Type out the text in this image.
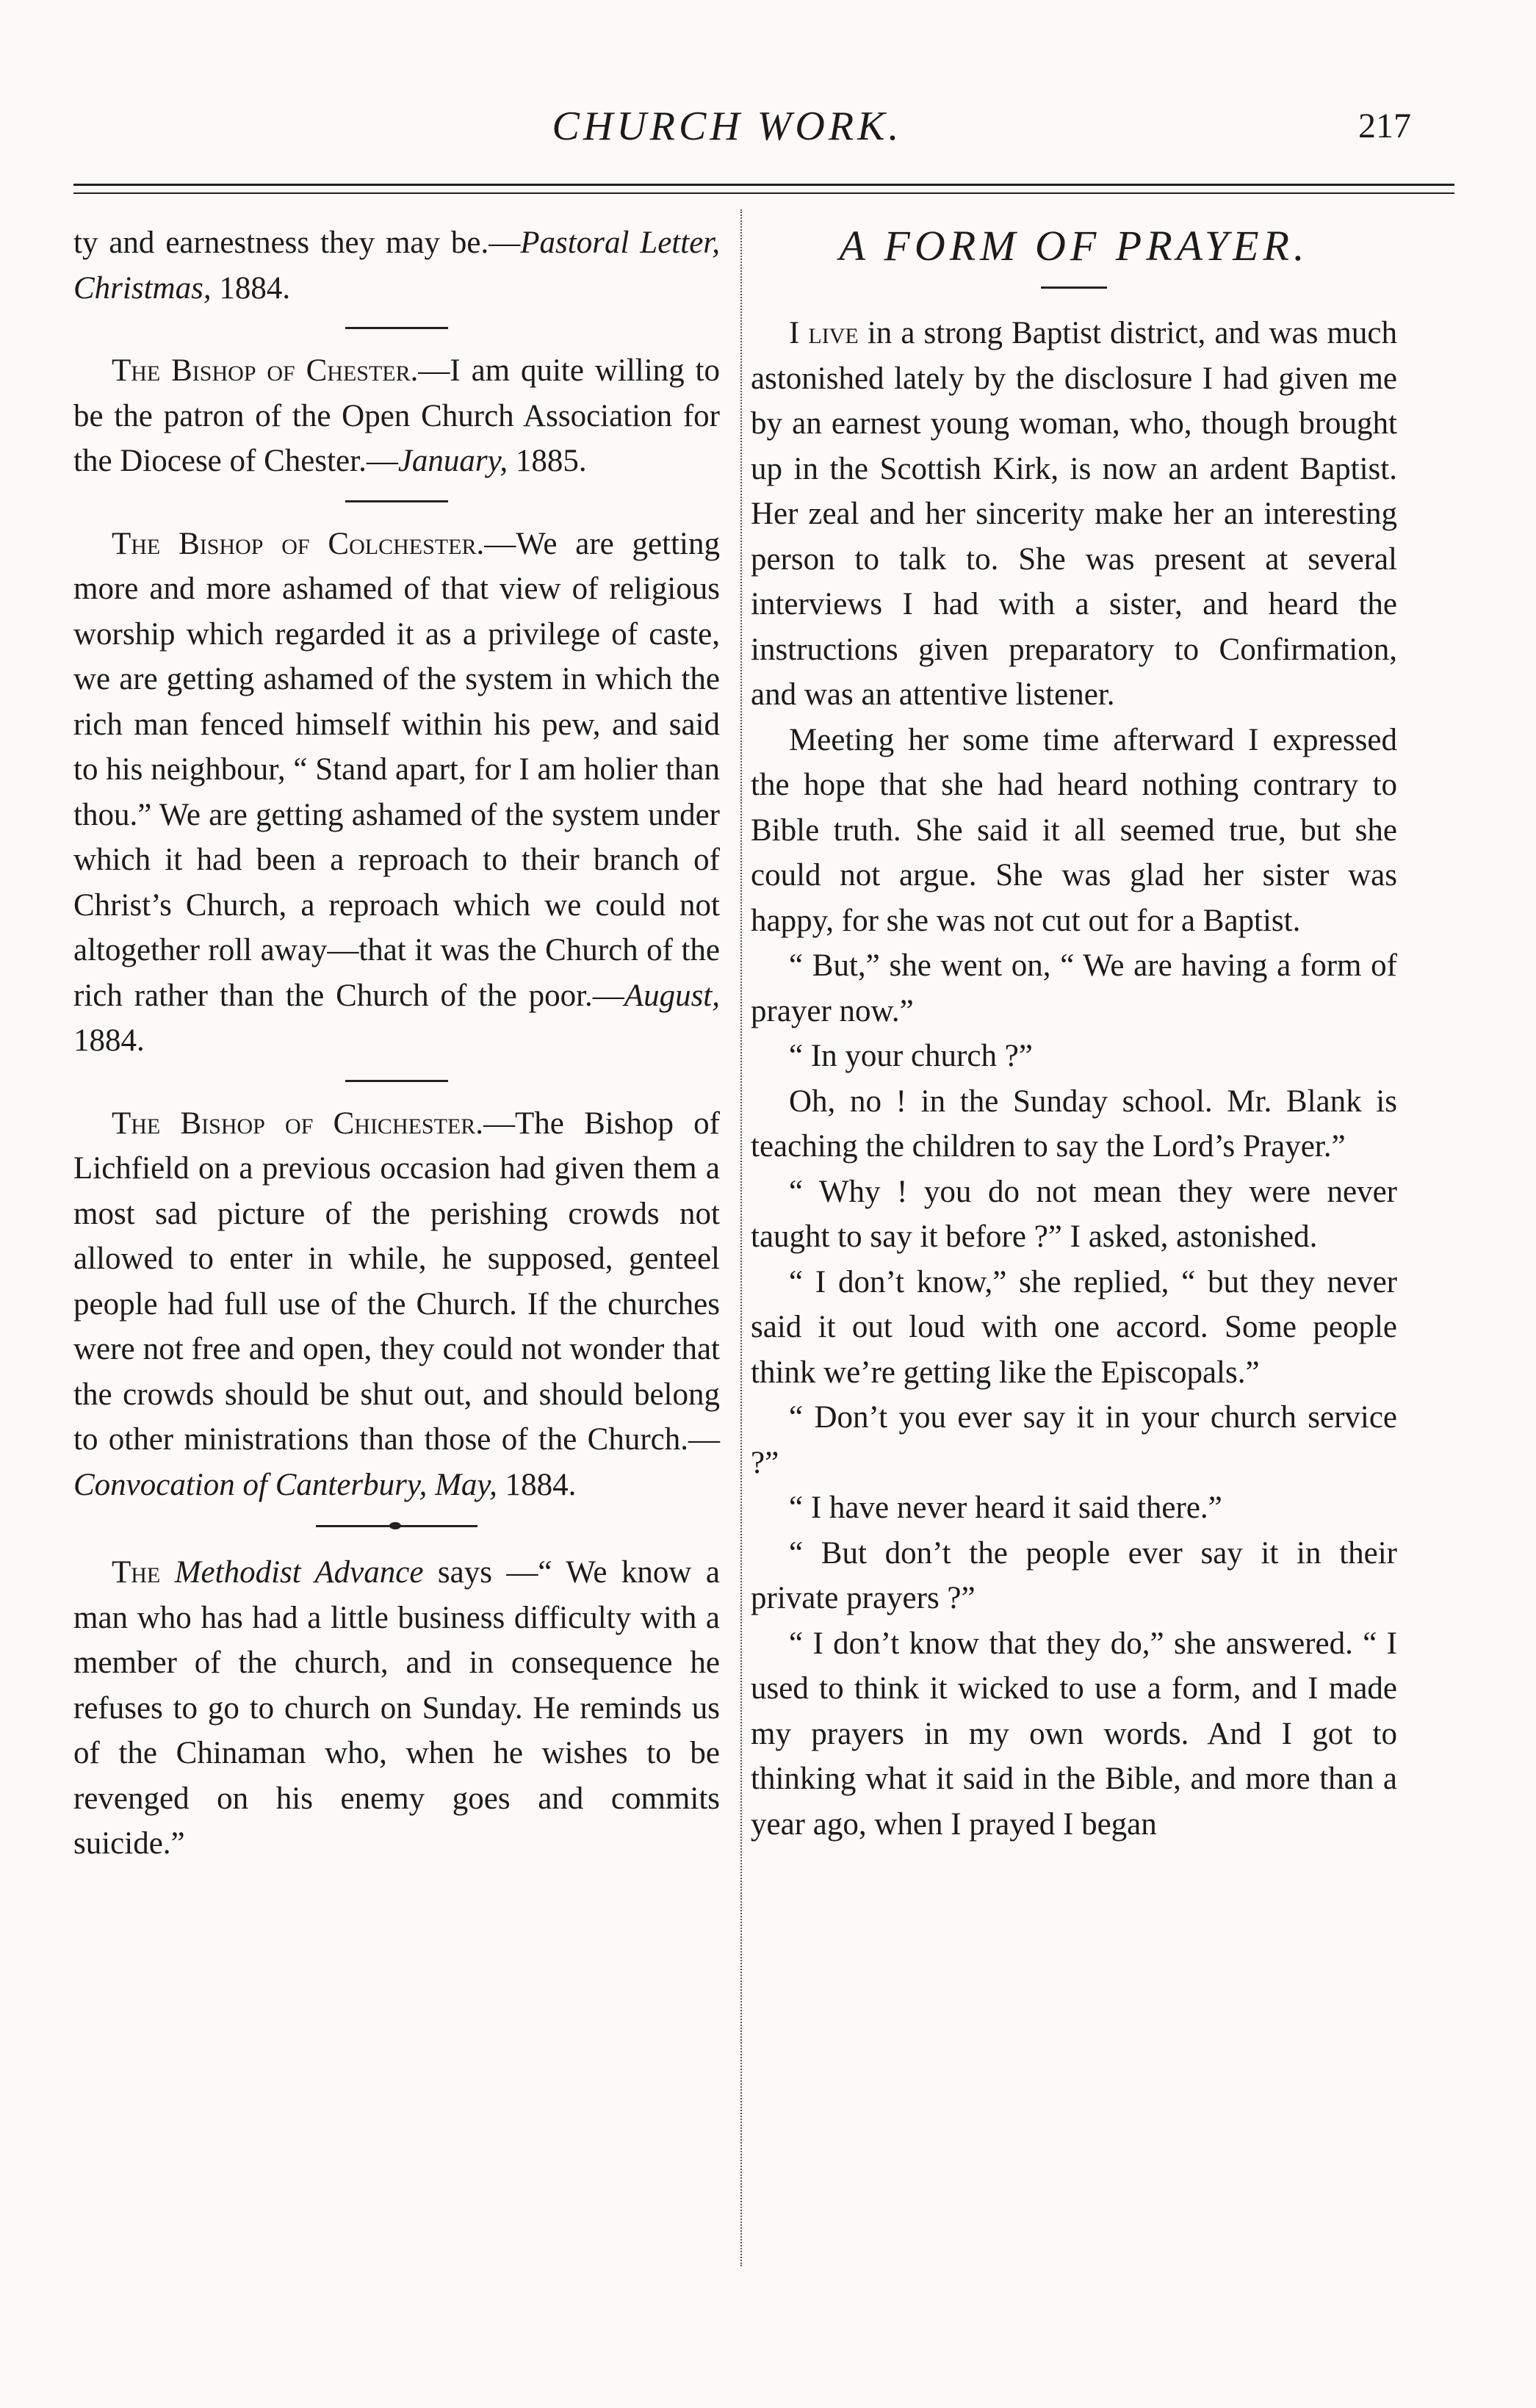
CHURCH WORK.	217

ty and earnestness they may be.—Pastoral Letter, Christmas, 1884.

The Bishop of Chester.—I am quite willing to be the patron of the Open Church Association for the Diocese of Chester.—January, 1885.

The Bishop of Colchester.—We are getting more and more ashamed of that view of religious worship which regarded it as a privilege of caste, we are getting ashamed of the system in which the rich man fenced himself within his pew, and said to his neighbour, “ Stand apart, for I am holier than thou.” We are getting ashamed of the system under which it had been a reproach to their branch of Christ’s Church, a reproach which we could not altogether roll away—that it was the Church of the rich rather than the Church of the poor.—August, 1884.

The Bishop of Chichester.—The Bishop of Lichfield on a previous occasion had given them a most sad picture of the perishing crowds not allowed to enter in while, he supposed, genteel people had full use of the Church. If the churches were not free and open, they could not wonder that the crowds should be shut out, and should belong to other ministrations than those of the Church.—Convocation of Canterbury, May, 1884.

The Methodist Advance says —“ We know a man who has had a little business difficulty with a member of the church, and in consequence he refuses to go to church on Sunday. He reminds us of the Chinaman who, when he wishes to be revenged on his enemy goes and commits suicide.”

A FORM OF PRAYER.

I live in a strong Baptist district, and was much astonished lately by the disclosure I had given me by an earnest young woman, who, though brought up in the Scottish Kirk, is now an ardent Baptist. Her zeal and her sincerity make her an interesting person to talk to. She was present at several interviews I had with a sister, and heard the instructions given preparatory to Confirmation, and was an attentive listener.

Meeting her some time afterward I expressed the hope that she had heard nothing contrary to Bible truth. She said it all seemed true, but she could not argue. She was glad her sister was happy, for she was not cut out for a Baptist.

“ But,” she went on, “ We are having a form of prayer now.”

“ In your church ?”

Oh, no ! in the Sunday school. Mr. Blank is teaching the children to say the Lord’s Prayer.”

“ Why ! you do not mean they were never taught to say it before ?” I asked, astonished.

“ I don’t know,” she replied, “ but they never said it out loud with one accord. Some people think we’re getting like the Episcopals.”

“ Don’t you ever say it in your church service ?”

“ I have never heard it said there.”

“ But don’t the people ever say it in their private prayers ?”

“ I don’t know that they do,” she answered. “ I used to think it wicked to use a form, and I made my prayers in my own words. And I got to thinking what it said in the Bible, and more than a year ago, when I prayed I began
